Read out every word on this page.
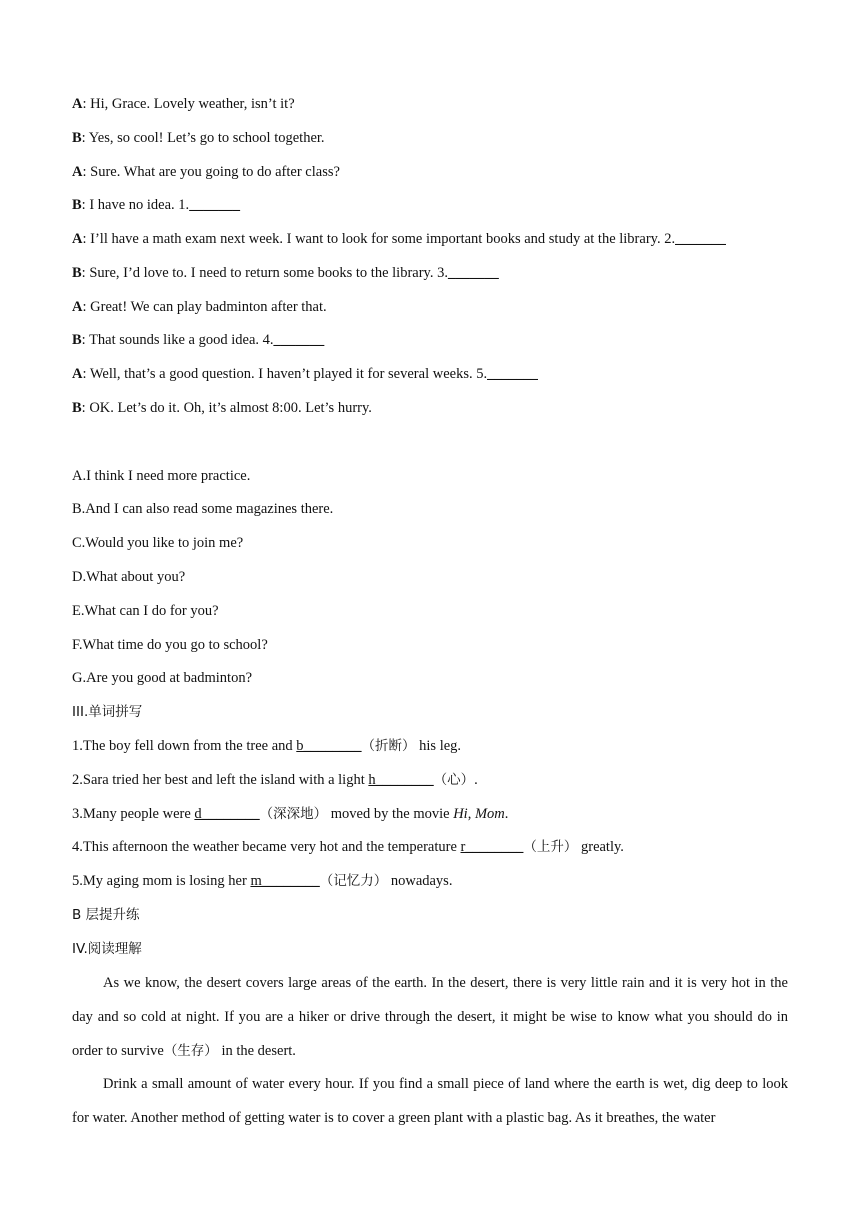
A: Hi, Grace. Lovely weather, isn’t it?
B: Yes, so cool! Let’s go to school together.
A: Sure. What are you going to do after class?
B: I have no idea. 1._______
A: I’ll have a math exam next week. I want to look for some important books and study at the library. 2._______
B: Sure, I’d love to. I need to return some books to the library. 3._______
A: Great! We can play badminton after that.
B: That sounds like a good idea. 4._______
A: Well, that’s a good question. I haven’t played it for several weeks. 5._______
B: OK. Let’s do it. Oh, it’s almost 8:00. Let’s hurry.
A.I think I need more practice.
B.And I can also read some magazines there.
C.Would you like to join me?
D.What about you?
E.What can I do for you?
F.What time do you go to school?
G.Are you good at badminton?
III.单词拼写
1.The boy fell down from the tree and b________（折断） his leg.
2.Sara tried her best and left the island with a light h________（心）.
3.Many people were d________（深深地） moved by the movie Hi, Mom.
4.This afternoon the weather became very hot and the temperature r________（上升） greatly.
5.My aging mom is losing her m________（记忆力） nowadays.
B 层提升练
IV.阅读理解
As we know, the desert covers large areas of the earth. In the desert, there is very little rain and it is very hot in the day and so cold at night. If you are a hiker or drive through the desert, it might be wise to know what you should do in order to survive（生存） in the desert.
Drink a small amount of water every hour. If you find a small piece of land where the earth is wet, dig deep to look for water. Another method of getting water is to cover a green plant with a plastic bag. As it breathes, the water
